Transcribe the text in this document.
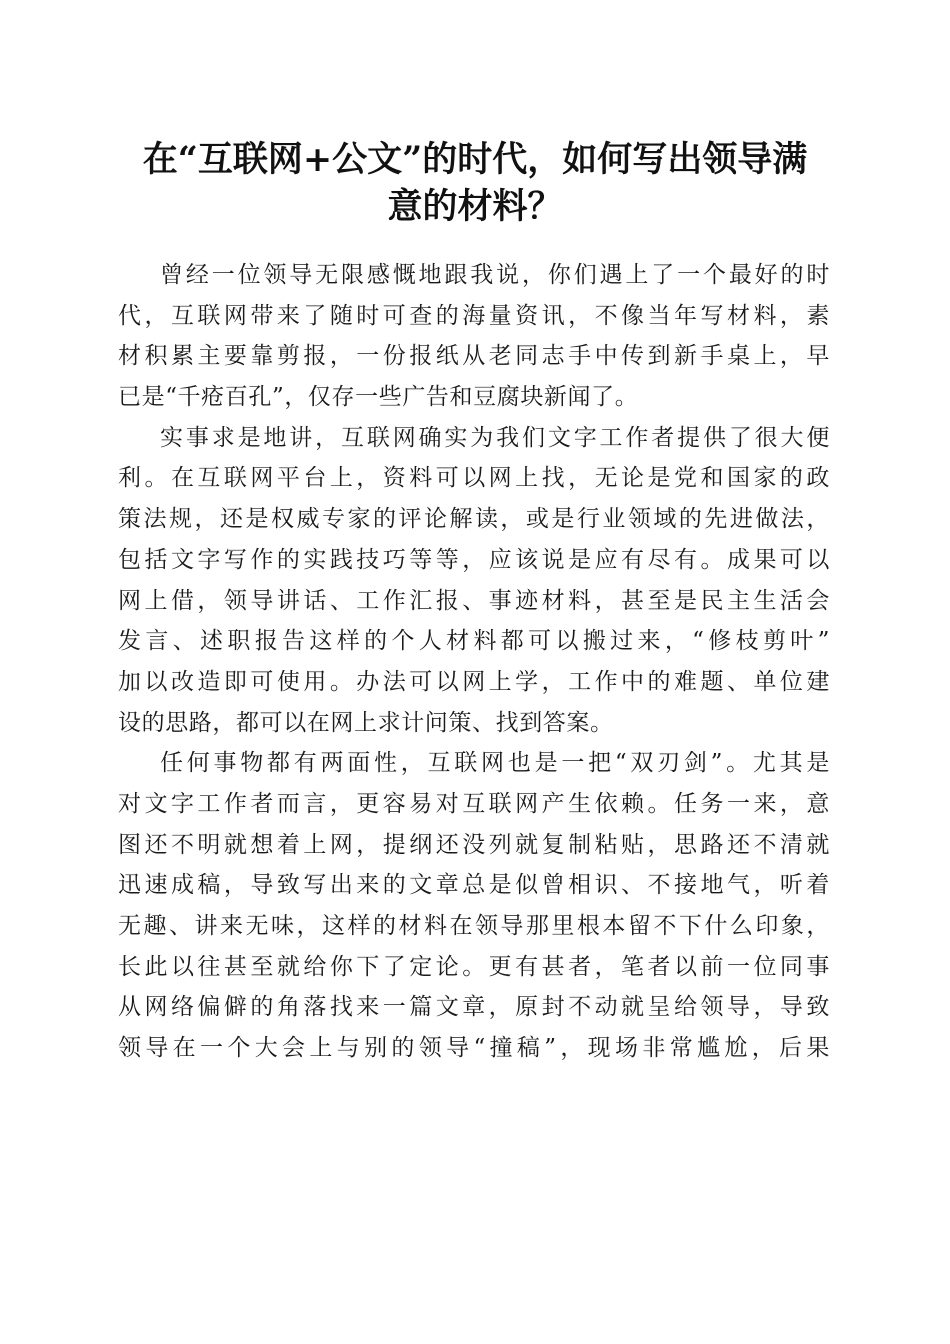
在“互联网+公文”的时代，如何写出领导满
意的材料？
曾经一位领导无限感慨地跟我说，你们遇上了一个最好的时
代，互联网带来了随时可查的海量资讯，不像当年写材料，素
材积累主要靠剪报，一份报纸从老同志手中传到新手桌上，早
已是“千疮百孔”，仅存一些广告和豆腐块新闻了。
实事求是地讲，互联网确实为我们文字工作者提供了很大便
利。在互联网平台上，资料可以网上找，无论是党和国家的政
策法规，还是权威专家的评论解读，或是行业领域的先进做法，
包括文字写作的实践技巧等等，应该说是应有尽有。成果可以
网上借，领导讲话、工作汇报、事迹材料，甚至是民主生活会
发言、述职报告这样的个人材料都可以搬过来，“修枝剪叶”
加以改造即可使用。办法可以网上学，工作中的难题、单位建
设的思路，都可以在网上求计问策、找到答案。
任何事物都有两面性，互联网也是一把“双刃剑”。尤其是
对文字工作者而言，更容易对互联网产生依赖。任务一来，意
图还不明就想着上网，提纲还没列就复制粘贴，思路还不清就
迅速成稿，导致写出来的文章总是似曾相识、不接地气，听着
无趣、讲来无味，这样的材料在领导那里根本留不下什么印象，
长此以往甚至就给你下了定论。更有甚者，笔者以前一位同事
从网络偏僻的角落找来一篇文章，原封不动就呈给领导，导致
领导在一个大会上与别的领导“撞稿”，现场非常尴尬，后果
